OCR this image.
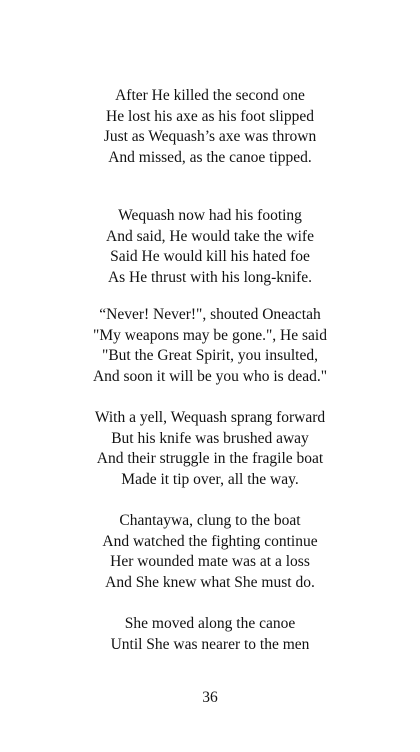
After He killed the second one
He lost his axe as his foot slipped
Just as Wequash’s axe was thrown
And missed, as the canoe tipped.
Wequash now had his footing
And said, He would take the wife
Said He would kill his hated foe
As He thrust with his long-knife.
“Never! Never!", shouted Oneactah
"My weapons may be gone.", He said
"But the Great Spirit, you insulted,
And soon it will be you who is dead."
With a yell, Wequash sprang forward
But his knife was brushed away
And their struggle in the fragile boat
Made it tip over, all the way.
Chantaywa, clung to the boat
And watched the fighting continue
Her wounded mate was at a loss
And She knew what She must do.
She moved along the canoe
Until She was nearer to the men
36
